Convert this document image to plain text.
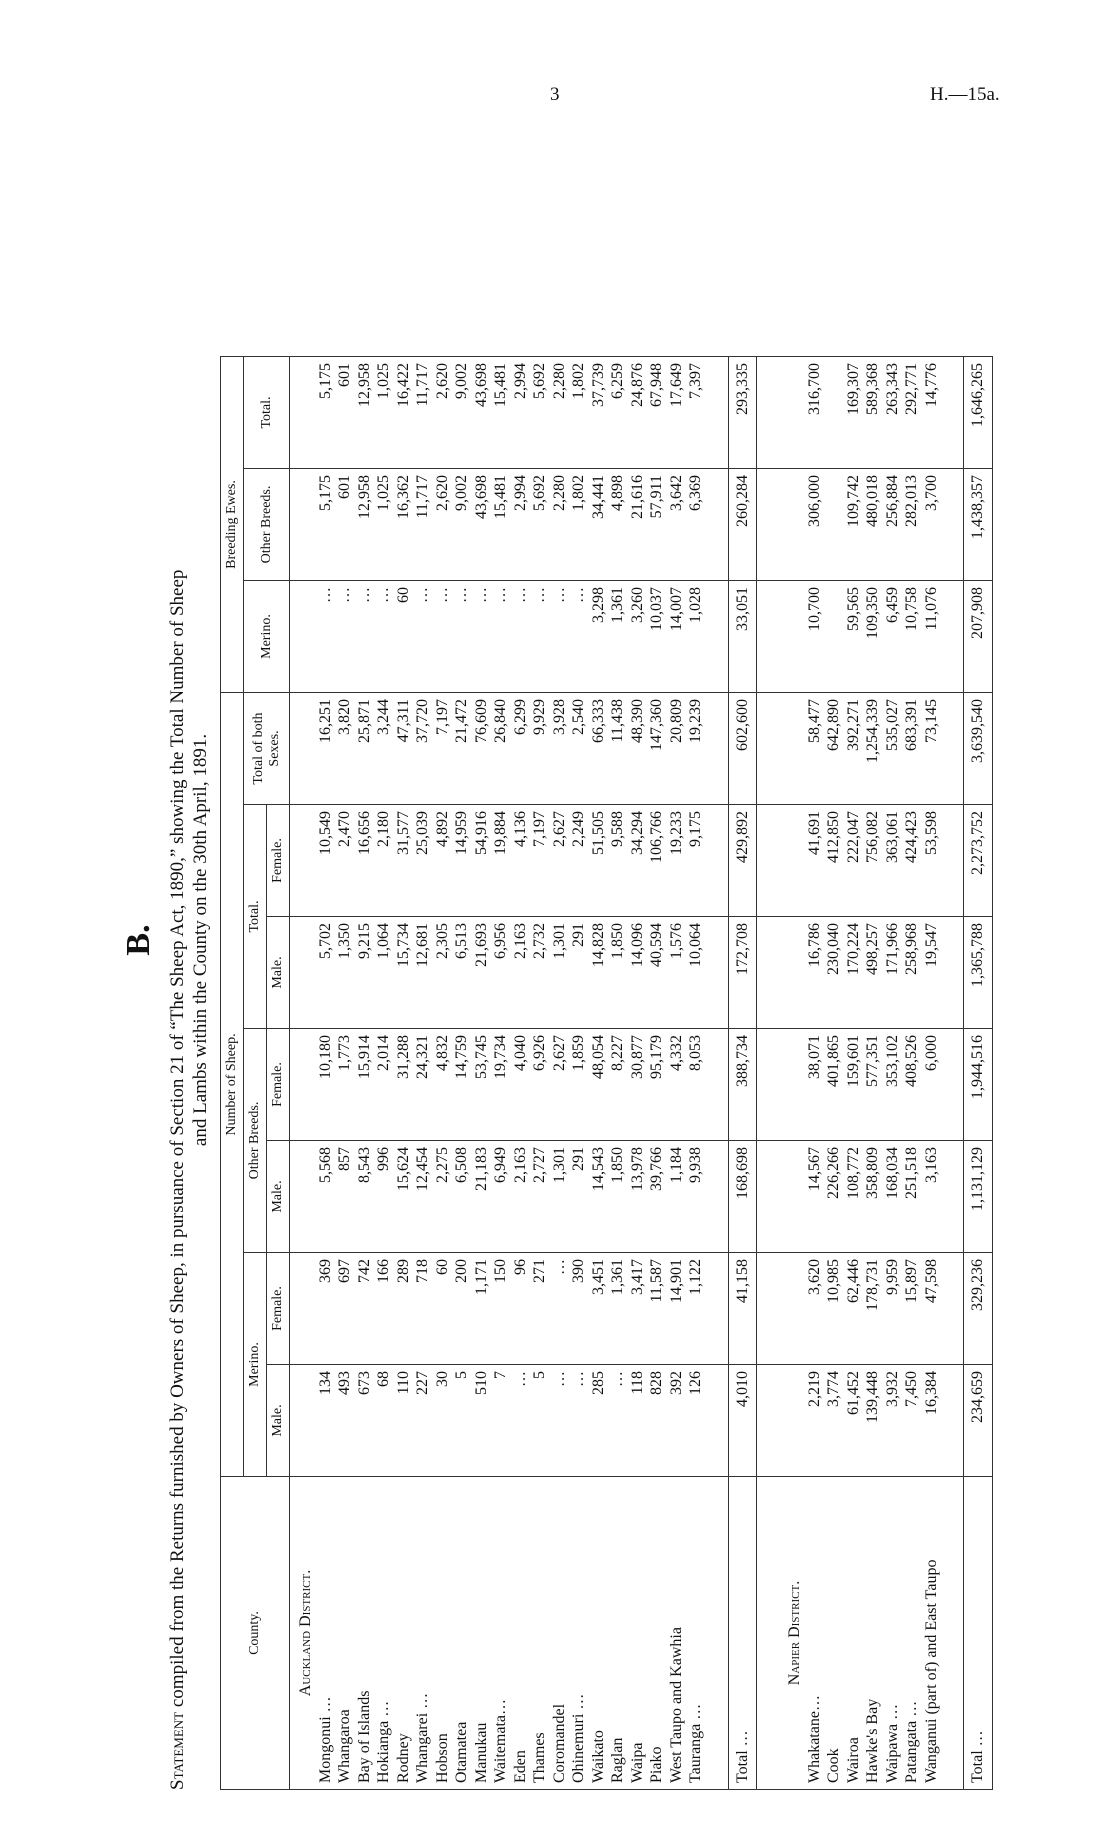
3	H.—15a.
B.
Statement compiled from the Returns furnished by Owners of Sheep, in pursuance of Section 21 of “The Sheep Act, 1890,” showing the Total Number of Sheep and Lambs within the County on the 30th April, 1891.
County.	Number of Sheep.							Breeding Ewes.		
	Merino.		Other Breeds.		Total.		Total of both Sexes.	Merino.	Other Breeds.	Total.
	Male.	Female.	Male.	Female.	Male.	Female.				
Auckland District.										
Mongonui …	134	369	5,568	10,180	5,702	10,549	16,251	…	5,175	5,175
Whangaroa	493	697	857	1,773	1,350	2,470	3,820	…	601	601
Bay of Islands	673	742	8,543	15,914	9,215	16,656	25,871	…	12,958	12,958
Hokianga …	68	166	996	2,014	1,064	2,180	3,244	…	1,025	1,025
Rodney	110	289	15,624	31,288	15,734	31,577	47,311	60	16,362	16,422
Whangarei …	227	718	12,454	24,321	12,681	25,039	37,720	…	11,717	11,717
Hobson	30	60	2,275	4,832	2,305	4,892	7,197	…	2,620	2,620
Otamatea	5	200	6,508	14,759	6,513	14,959	21,472	…	9,002	9,002
Manukau	510	1,171	21,183	53,745	21,693	54,916	76,609	…	43,698	43,698
Waitemata…	7	150	6,949	19,734	6,956	19,884	26,840	…	15,481	15,481
Eden	…	96	2,163	4,040	2,163	4,136	6,299	…	2,994	2,994
Thames	5	271	2,727	6,926	2,732	7,197	9,929	…	5,692	5,692
Coromandel	…	…	1,301	2,627	1,301	2,627	3,928	…	2,280	2,280
Ohinemuri …	…	390	291	1,859	291	2,249	2,540	…	1,802	1,802
Waikato	285	3,451	14,543	48,054	14,828	51,505	66,333	3,298	34,441	37,739
Raglan	…	1,361	1,850	8,227	1,850	9,588	11,438	1,361	4,898	6,259
Waipa	118	3,417	13,978	30,877	14,096	34,294	48,390	3,260	21,616	24,876
Piako	828	11,587	39,766	95,179	40,594	106,766	147,360	10,037	57,911	67,948
West Taupo and Kawhia	392	14,901	1,184	4,332	1,576	19,233	20,809	14,007	3,642	17,649
Tauranga …	126	1,122	9,938	8,053	10,064	9,175	19,239	1,028	6,369	7,397

Total …	4,010	41,158	168,698	388,734	172,708	429,892	602,600	33,051	260,284	293,335

Napier District.										
Whakatane…	2,219	3,620	14,567	38,071	16,786	41,691	58,477	10,700	306,000	316,700
Cook	3,774	10,985	226,266	401,865	230,040	412,850	642,890			
Wairoa	61,452	62,446	108,772	159,601	170,224	222,047	392,271	59,565	109,742	169,307
Hawke's Bay	139,448	178,731	358,809	577,351	498,257	756,082	1,254,339	109,350	480,018	589,368
Waipawa …	3,932	9,959	168,034	353,102	171,966	363,061	535,027	6,459	256,884	263,343
Patangata …	7,450	15,897	251,518	408,526	258,968	424,423	683,391	10,758	282,013	292,771
Wanganui (part of) and East Taupo	16,384	47,598	3,163	6,000	19,547	53,598	73,145	11,076	3,700	14,776

Total …	234,659	329,236	1,131,129	1,944,516	1,365,788	2,273,752	3,639,540	207,908	1,438,357	1,646,265
